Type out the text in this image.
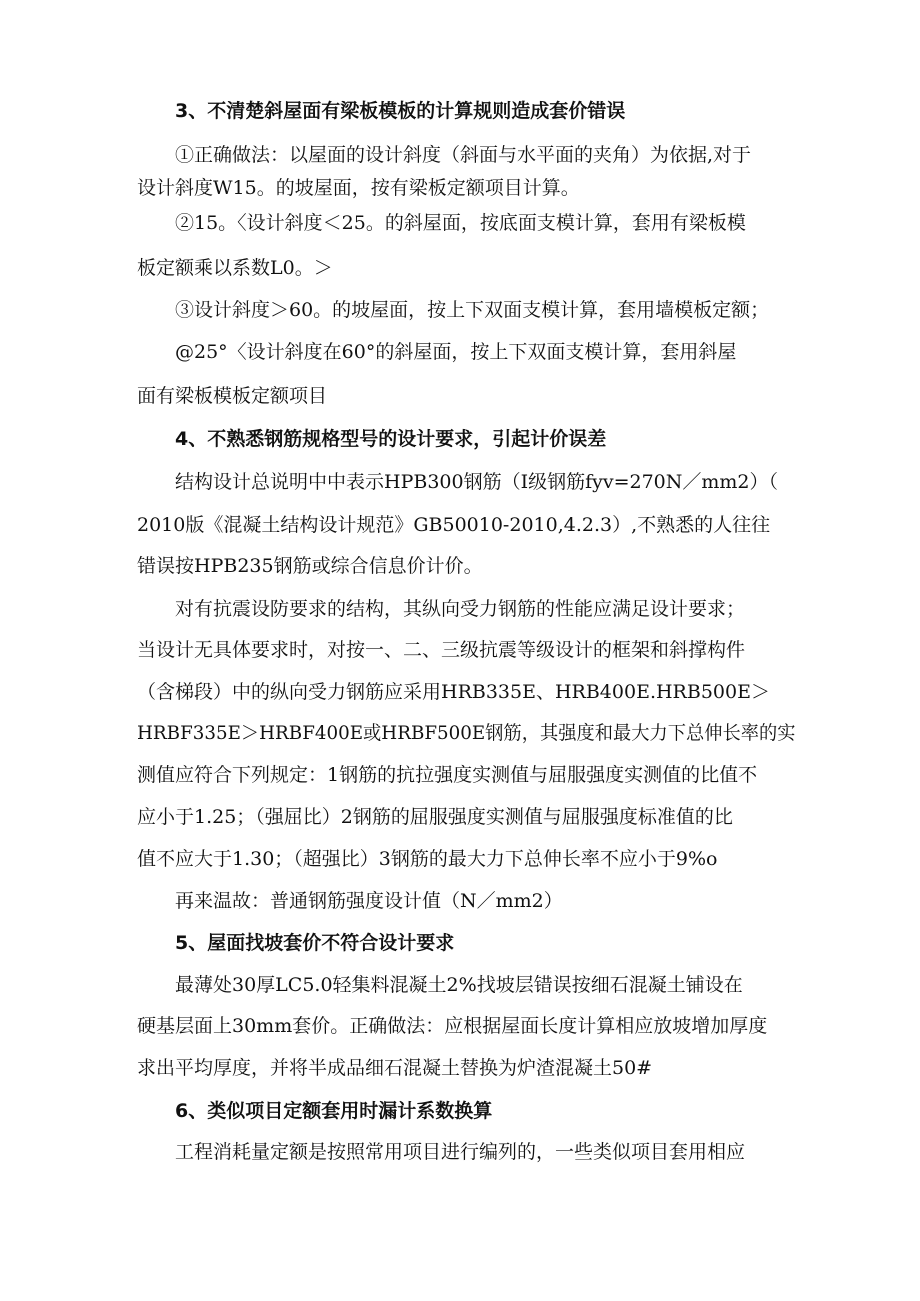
3、不清楚斜屋面有梁板模板的计算规则造成套价错误
①正确做法：以屋面的设计斜度（斜面与水平面的夹角）为依据,对于
设计斜度W15。的坡屋面，按有梁板定额项目计算。
②15。〈设计斜度＜25。的斜屋面，按底面支模计算，套用有梁板模
板定额乘以系数L0。＞
③设计斜度＞60。的坡屋面，按上下双面支模计算，套用墙模板定额；
@25°〈设计斜度在60°的斜屋面，按上下双面支模计算，套用斜屋
面有梁板模板定额项目
4、不熟悉钢筋规格型号的设计要求，引起计价误差
结构设计总说明中中表示HPB300钢筋（I级钢筋fyv=270N／mm2）（
2010版《混凝土结构设计规范》GB50010-2010,4.2.3）,不熟悉的人往往
错误按HPB235钢筋或综合信息价计价。
对有抗震设防要求的结构，其纵向受力钢筋的性能应满足设计要求；
当设计无具体要求时，对按一、二、三级抗震等级设计的框架和斜撑构件
（含梯段）中的纵向受力钢筋应采用HRB335E、HRB400E.HRB500E＞
HRBF335E＞HRBF400E或HRBF500E钢筋，其强度和最大力下总伸长率的实
测值应符合下列规定：1钢筋的抗拉强度实测值与屈服强度实测值的比值不
应小于1.25；（强屈比）2钢筋的屈服强度实测值与屈服强度标准值的比
值不应大于1.30；（超强比）3钢筋的最大力下总伸长率不应小于9%o
再来温故：普通钢筋强度设计值（N／mm2）
5、屋面找坡套价不符合设计要求
最薄处30厚LC5.0轻集料混凝土2%找坡层错误按细石混凝土铺设在
硬基层面上30mm套价。正确做法：应根据屋面长度计算相应放坡增加厚度
求出平均厚度，并将半成品细石混凝土替换为炉渣混凝土50#
6、类似项目定额套用时漏计系数换算
工程消耗量定额是按照常用项目进行编列的，一些类似项目套用相应
